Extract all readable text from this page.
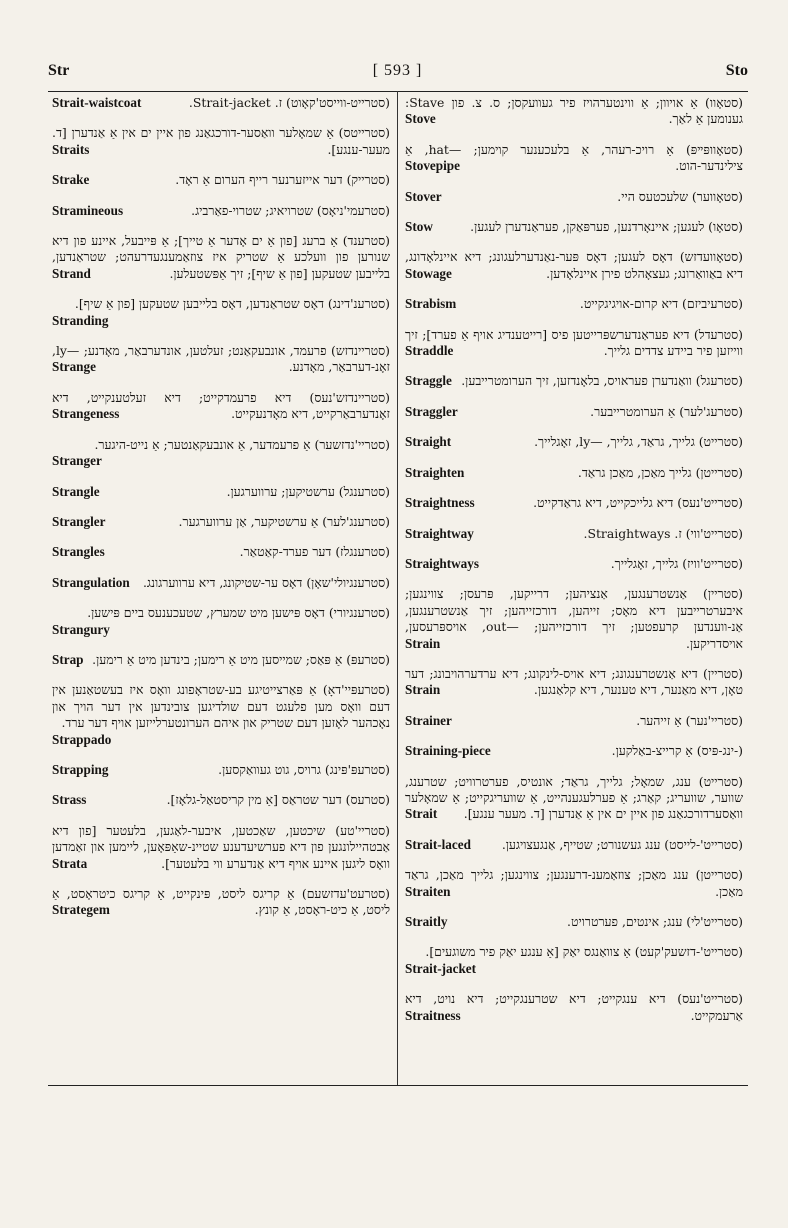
Str	[ 593 ]	Sto
(סטרייט-ווייסט'קאָוט) ז. Strait-jacket.
Strait-waistcoat
(סטרייטס) אַ שמאָלער וואַסער-דורכגאַנג פון איין ים אין אַ אַנדערן [ד. מעער-ענגע].
Straits
(סטרייק) דער אייזערנער רייף הערום אַ ראָד.
Strake
(סטרעמי'ניאָס) שטרויאיג; שטרוי-פאַרביג.
Stramineous
(סטרענד) אַ ברעג [פון אַ ים אָדער אַ טייך]; אַ פּייבעל, איינע פון דיא שנורען פון וועלכע אַ שטריק איז צוזאַמענגעדרעהט; שטראַנדען, בלייבען שטעקען [פון אַ שיף]; זיך אַפּשטעלען.
Strand
(סטרענ'דינג) דאָס שטראַנדען, דאָס בלייבען שטעקען [פון אַ שיף].
Stranding
(סטריינדזש) פרעמד, אונבעקאַנט; זעלטען, אונדערבאַר, מאָדנע; —ly, זאָנ-דערבאַר, מאָדנע.
Strange
(סטריינדזש'נעס) דיא פרעמדקייט; דיא זעלטענקייט, דיא זאָנדערבאַרקייט, דיא מאָדנעקייט.
Strangeness
(סטריי'נדזשער) אַ פרעמדער, אַ אונבעקאַנטער; אַ נייט-היגער.
Stranger
(סטרענגל) ערשטיקען; ערווערגען.
Strangle
(סטרענג'לער) אַ ערשטיקער, אַן ערווערגער.
Strangler
(סטרענגלז) דער פערד-קאַטאַר.
Strangles
(סטרענגיולי'שאָן) דאָס ער-שטיקונג, דיא ערווערגונג.
Strangulation
(סטרענגיורי) דאָס פּישען מיט שמערץ, שטעכענעס ביים פּישען.
Strangury
(סטרעפּ) אַ פּאַס; שמייסען מיט אַ רימען; בינדען מיט אַ רימען.
Strap
(סטרעפּיי'דאָ) אַ פּאַרצייטיגע בע-שטראָפונג וואָס איז בעשטאַנען אין דעם וואָס מען פלעגט דעם שולדיגען צובינדען אין דער הויך און נאָכהער לאָזען דעם שטריק און איהם הערונטערלייזען אויף דער ערד.
Strappado
(סטרעפּ'פּינג) גרויס, גוט געוואַקסען.
Strapping
(סטרעס) דער שטראַס [אַ מין קריסטאַל-גלאָז].
Strass
(סטריי'טע) שיכטען, שאַכטען, איבער-לאַגען, בלעטער [פון דיא אַבטהיילונגען פון דיא פערשיעדענע שטיינ-שאַפּאָען, ליימען און זאַמדען וואָס ליגען איינע אויף דיא אַנדערע ווי בלעטער].
Strata
(סטרעט'עדזשעם) אַ קריגס ליסט, פּינקייט, אַ קריגס כיטראָסט, אַ ליסט, אַ כיט-ראָסט, אַ קונץ.
Strategem
(סטאָוו) אַ אויוון; אַ ווינטערהויז פיר געוועקסן; ס. צ. פון Stave: גענומען אַ לאַך.
Stove
(סטאָוופּײפּ) אַ רויכ-רעהר, אַ בלעכענער קוימען; —hat, אַ צילינדער-הוט.
Stovepipe
(סטאָווער) שלעכטעס היי.
Stover
(סטאָו) לעגען; איינאָרדנען, פערפּאַקן, פעראַנדערן לעגען.
Stow
(סטאָוועדזש) דאָס לעגען; דאָס פּער-נאַנדערלעגונג; דיא איינלאָדונג, דיא באַוואַרונג; געצאָהלט פירן איינלאָדען.
Stowage
(סטרעיביזם) דיא קרום-אויגיגקייט.
Strabism
(סטרעדל) דיא פעראַנדערשפּרייטען פיס [רייטענדיג אויף אַ פערד]; זיך ווייזען פיר ביידע צדדים גלייך.
Straddle
(סטרעגל) וואַנדערן פעראויס, בלאָנדזען, זיך הערומטרייבען.
Straggle
(סטרעג'לער) אַ הערומטרייבער.
Straggler
(סטרייט) גלייך, גראַד, גלייך, —ly, זאָגלייך.
Straight
(סטרייטן) גלייך מאַכן, מאַכן גראַד.
Straighten
(סטרייט'נעס) דיא גלייכקייט, דיא גראַדקייט.
Straightness
(סטרייט'ווי) ז. Straightways.
Straightway
(סטרייט'וויז) גלייך, זאָגלייך.
Straightways
(סטריין) אַנשטרענגען, אַנציהען; דרייקען, פּרעסן; צווינגען; איבערטרייבען דיא מאָס; זייהען, דורכזייהען; זיך אַנשטרענגען, אַנ-ווענדען קרעפטען; זיך דורכזייהען; —out, אויספּרעסען, אויסדריקען.
Strain
(סטריין) דיא אַנשטרענגונג; דיא אויס-לינקונג; דיא ערדערהויבונג; דער טאָן, דיא מאַנער, דיא טענער, דיא קלאַנגען.
Strain
(סטריי'נער) אַ זייהער.
Strainer
(-ינג-פּיס) אַ קרייצ-באַלקען.
Straining-piece
(סטרייט) ענג, שמאָל; גלייך, גראַד; אונטיס, פערטרוויט; שטרענג, שווער, שוועריג; קאַרג; אַ פערלעגענהייט, אַ שוועריגקייט; אַ שמאָלער וואַסערדורכגאַנג פון איין ים אין אַ אַנדערן [ד. מעער ענגע].
Strait
(סטרייט'-לייסט) ענג געשנורט; שטייף, אַנגעצויגען.
Strait-laced
(סטרייטן) ענג מאַכן; צוזאַמענ-דרענגען; צווינגען; גלייך מאַכן, גראַד מאַכן.
Straiten
(סטרייט'לי) ענג; אינטים, פערטרויט.
Straitly
(סטרייט'-דזשעק'קעט) אַ צוואַנגס יאַק [אַ ענגע יאַק פיר משוגעים].
Strait-jacket
(סטרייט'נעס) דיא ענגקייט; דיא שטרענגקייט; דיא נויט, דיא אַרעמקייט.
Straitness
